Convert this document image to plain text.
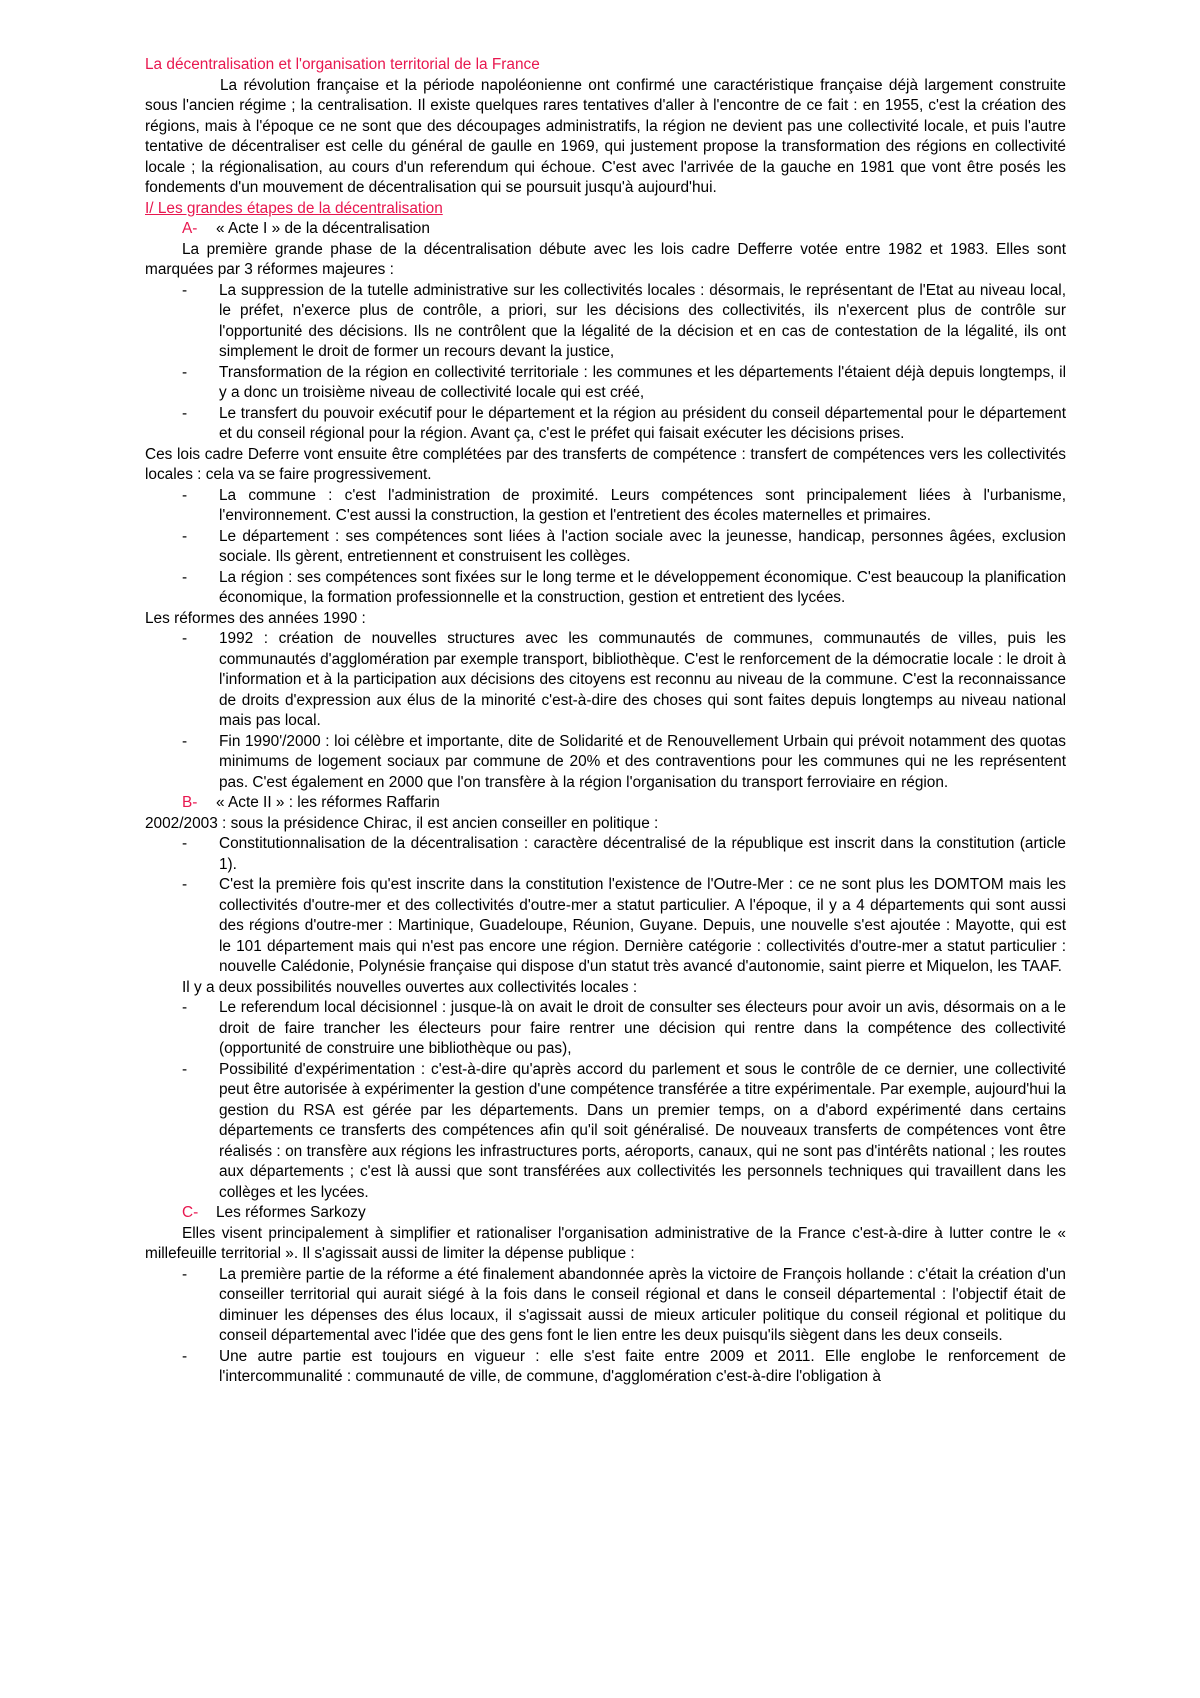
La décentralisation et l'organisation territorial de la France

La révolution française et la période napoléonienne ont confirmé une caractéristique française déjà largement construite sous l'ancien régime ; la centralisation. Il existe quelques rares tentatives d'aller à l'encontre de ce fait : en 1955, c'est la création des régions, mais à l'époque ce ne sont que des découpages administratifs, la région ne devient pas une collectivité locale, et puis l'autre tentative de décentraliser est celle du général de gaulle en 1969, qui justement propose la transformation des régions en collectivité locale ; la régionalisation, au cours d'un referendum qui échoue. C'est avec l'arrivée de la gauche en 1981 que vont être posés les fondements d'un mouvement de décentralisation qui se poursuit jusqu'à aujourd'hui.

I/ Les grandes étapes de la décentralisation

A- « Acte I » de la décentralisation

La première grande phase de la décentralisation débute avec les lois cadre Defferre votée entre 1982 et 1983. Elles sont marquées par 3 réformes majeures :

- La suppression de la tutelle administrative sur les collectivités locales : désormais, le représentant de l'Etat au niveau local, le préfet, n'exerce plus de contrôle, a priori, sur les décisions des collectivités, ils n'exercent plus de contrôle sur l'opportunité des décisions. Ils ne contrôlent que la légalité de la décision et en cas de contestation de la légalité, ils ont simplement le droit de former un recours devant la justice,
- Transformation de la région en collectivité territoriale : les communes et les départements l'étaient déjà depuis longtemps, il y a donc un troisième niveau de collectivité locale qui est créé,
- Le transfert du pouvoir exécutif pour le département et la région au président du conseil départemental pour le département et du conseil régional pour la région. Avant ça, c'est le préfet qui faisait exécuter les décisions prises.

Ces lois cadre Deferre vont ensuite être complétées par des transferts de compétence : transfert de compétences vers les collectivités locales : cela va se faire progressivement.

- La commune : c'est l'administration de proximité. Leurs compétences sont principalement liées à l'urbanisme, l'environnement. C'est aussi la construction, la gestion et l'entretient des écoles maternelles et primaires.
- Le département : ses compétences sont liées à l'action sociale avec la jeunesse, handicap, personnes âgées, exclusion sociale. Ils gèrent, entretiennent et construisent les collèges.
- La région : ses compétences sont fixées sur le long terme et le développement économique. C'est beaucoup la planification économique, la formation professionnelle et la construction, gestion et entretient des lycées.

Les réformes des années 1990 :

- 1992 : création de nouvelles structures avec les communautés de communes, communautés de villes, puis les communautés d'agglomération par exemple transport, bibliothèque. C'est le renforcement de la démocratie locale : le droit à l'information et à la participation aux décisions des citoyens est reconnu au niveau de la commune. C'est la reconnaissance de droits d'expression aux élus de la minorité c'est-à-dire des choses qui sont faites depuis longtemps au niveau national mais pas local.
- Fin 1990'/2000 : loi célèbre et importante, dite de Solidarité et de Renouvellement Urbain qui prévoit notamment des quotas minimums de logement sociaux par commune de 20% et des contraventions pour les communes qui ne les représentent pas. C'est également en 2000 que l'on transfère à la région l'organisation du transport ferroviaire en région.
B- « Acte II » : les réformes Raffarin

2002/2003 : sous la présidence Chirac, il est ancien conseiller en politique :

- Constitutionnalisation de la décentralisation : caractère décentralisé de la république est inscrit dans la constitution (article 1).
- C'est la première fois qu'est inscrite dans la constitution l'existence de l'Outre-Mer : ce ne sont plus les DOMTOM mais les collectivités d'outre-mer et des collectivités d'outre-mer a statut particulier. A l'époque, il y a 4 départements qui sont aussi des régions d'outre-mer : Martinique, Guadeloupe, Réunion, Guyane. Depuis, une nouvelle s'est ajoutée : Mayotte, qui est le 101 département mais qui n'est pas encore une région. Dernière catégorie : collectivités d'outre-mer a statut particulier : nouvelle Calédonie, Polynésie française qui dispose d'un statut très avancé d'autonomie, saint pierre et Miquelon, les TAAF.

Il y a deux possibilités nouvelles ouvertes aux collectivités locales :

- Le referendum local décisionnel : jusque-là on avait le droit de consulter ses électeurs pour avoir un avis, désormais on a le droit de faire trancher les électeurs pour faire rentrer une décision qui rentre dans la compétence des collectivité (opportunité de construire une bibliothèque ou pas),
- Possibilité d'expérimentation : c'est-à-dire qu'après accord du parlement et sous le contrôle de ce dernier, une collectivité peut être autorisée à expérimenter la gestion d'une compétence transférée a titre expérimentale. Par exemple, aujourd'hui la gestion du RSA est gérée par les départements. Dans un premier temps, on a d'abord expérimenté dans certains départements ce transferts des compétences afin qu'il soit généralisé. De nouveaux transferts de compétences vont être réalisés : on transfère aux régions les infrastructures ports, aéroports, canaux, qui ne sont pas d'intérêts national ; les routes aux départements ; c'est là aussi que sont transférées aux collectivités les personnels techniques qui travaillent dans les collèges et les lycées.
C- Les réformes Sarkozy

Elles visent principalement à simplifier et rationaliser l'organisation administrative de la France c'est-à-dire à lutter contre le « millefeuille territorial ». Il s'agissait aussi de limiter la dépense publique :

- La première partie de la réforme a été finalement abandonnée après la victoire de François hollande : c'était la création d'un conseiller territorial qui aurait siégé à la fois dans le conseil régional et dans le conseil départemental : l'objectif était de diminuer les dépenses des élus locaux, il s'agissait aussi de mieux articuler politique du conseil régional et politique du conseil départemental avec l'idée que des gens font le lien entre les deux puisqu'ils siègent dans les deux conseils.
- Une autre partie est toujours en vigueur : elle s'est faite entre 2009 et 2011. Elle englobe le renforcement de l'intercommunalité : communauté de ville, de commune, d'agglomération c'est-à-dire l'obligation à
